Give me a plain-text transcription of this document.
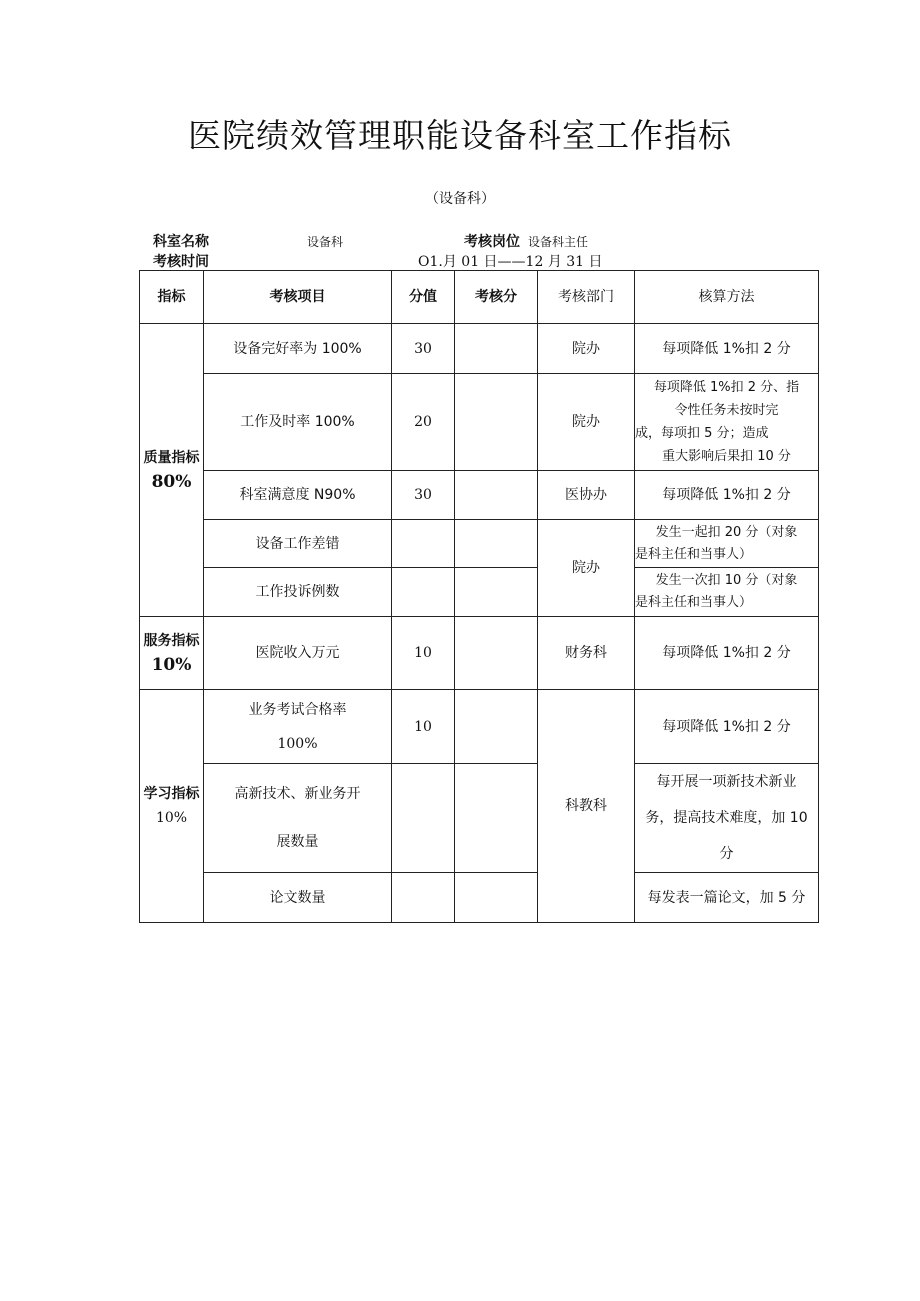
医院绩效管理职能设备科室工作指标
（设备科）
科室名称	设备科	考核岗位 设备科主任
考核时间	O1.月 01 日——12 月 31 日
指标	考核项目	分值	考核分	考核部门	核算方法

质量指标
80%	设备完好率为 100%	30		院办	每项降低 1%扣 2 分

	工作及时率 100%	20		院办	每项降低 1%扣 2 分、指
令性任务未按时完
成，每项扣 5 分；造成
重大影响后果扣 10 分

	科室满意度 N90%	30		医协办	每项降低 1%扣 2 分

	设备工作差错			院办	发生一起扣 20 分（对象
是科主任和当事人）

	工作投诉例数				发生一次扣 10 分（对象
是科主任和当事人）

服务指标
10%	医院收入万元	10		财务科	每项降低 1%扣 2 分

学习指标
10%	业务考试合格率
100%	10		科教科	每项降低 1%扣 2 分

	高新技术、新业务开
展数量				每开展一项新技术新业
务，提高技术难度，加 10
分

	论文数量				每发表一篇论文，加 5 分
